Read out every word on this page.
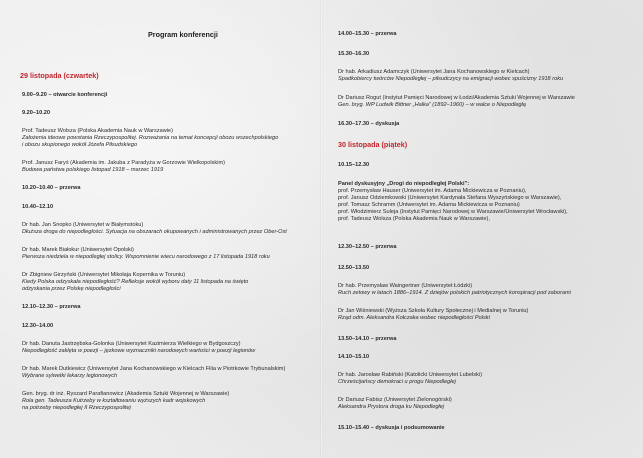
Program konferencji
29 listopada (czwartek)
9.00–9.20 – otwarcie konferencji
9.20–10.20
Prof. Tadeusz Wolsza (Polska Akademia Nauk w Warszawie)
Założenia ideowe powstania Rzeczypospolitej. Rozważania na temat koncepcji obozu wszechpolskiego
i obozu skupionego wokół Józefa Piłsudskiego
Prof. Janusz Faryś (Akademia im. Jakuba z Paradyża w Gorzowie Wielkopolskim)
Budowa państwa polskiego listopad 1918 – marzec 1919
10.20–10.40 – przerwa
10.40–12.10
Dr hab. Jan Snopko (Uniwersytet w Białymstoku)
Dłuższa droga do niepodległości. Sytuacja na obszarach okupowanych i administrowanych przez Ober-Ost
Dr hab. Marek Białokur (Uniwersytet Opolski)
Pierwsza niedziela w niepodległej stolicy. Wspomnienie wiecu narodowego z 17 listopada 1918 roku
Dr Zbigniew Girzyński (Uniwersytet Mikołaja Kopernika w Toruniu)
Kiedy Polska odzyskała niepodległość? Refleksje wokół wyboru daty 11 listopada na święto
odzyskania przez Polskę niepodległości
12.10–12.30 – przerwa
12.30–14.00
Dr hab. Danuta Jastrzębska-Golonka (Uniwersytet Kazimierza Wielkiego w Bydgoszczy)
Niepodległość zaklęta w poezji – jęzkowe wyznaczniki narodowych wartości w poezji legionów
Dr hab. Marek Dutkiewicz (Uniwersytet Jana Kochanowskiego w Kielcach Filia w Piotrkowie Trybunalskim)
Wybrane sylwetki lekarzy legionowych
Gen. bryg. dr inż. Ryszard Parafianowicz (Akademia Sztuki Wojennej w Warszawie)
Rola gen. Tadeusza Kutrzeby w kształtowaniu wyższych kadr wojskowych
na potrzeby niepodległej II Rzeczypospolitej
14.00–15.30 – przerwa
15.30–16.30
Dr hab. Arkadiusz Adamczyk (Uniwersytet Jana Kochanowskiego w Kielcach)
Spadkobiercy twórców Niepodległej – piłsudczycy na emigracji wobec spuścizny 1918 roku
Dr Dariusz Rogut (Instytut Pamięci Narodowej w Łodzi/Akademia Sztuki Wojennej w Warszawie
Gen. bryg. WP Ludwik Bittner „Halka” (1892–1960) – w walce o Niepodległą
16.30–17.30 – dyskusja
30 listopada (piątek)
10.15–12.30
Panel dyskusyjny „Drogi do niepodległej Polski”:
prof. Przemysław Hauser (Uniwersytet im. Adama Mickiewicza w Poznaniu),
prof. Janusz Odziemkowski (Uniwersytet Kardynała Stefana Wyszyńskiego w Warszawie),
prof. Tomasz Schramm (Uniwersytet im. Adama Mickiewicza w Poznaniu)
prof. Włodzimierz Suleja (Instytut Pamięci Narodowej w Warszawie/Uniwersytet Wrocławski),
prof. Tadeusz Wolsza (Polska Akademia Nauk w Warszawie),
12.30–12.50 – przerwa
12.50–13.50
Dr hab. Przemysław Waingertner (Uniwersytet Łódzki)
Ruch zetowy w latach 1886–1914. Z dziejów polskich patriotycznych konspiracji pod zaborami
Dr Jan Wiśniewski (Wyższa Szkoła Kultury Społecznej i Medialnej w Toruniu)
Rząd odm. Aleksandra Kołczaka wobec niepodległości Polski
13.50–14.10 – przerwa
14.10–15.10
Dr hab. Jarosław Rabiński (Katolicki Uniwersytet Lubelski)
Chrześcijańscy demokraci u progu Niepodległej
Dr Dariusz Fabisz (Uniwersytet Zielonogórski)
Aleksandra Prystora droga ku Niepodległej
15.10–15.40 – dyskusja i podsumowanie
